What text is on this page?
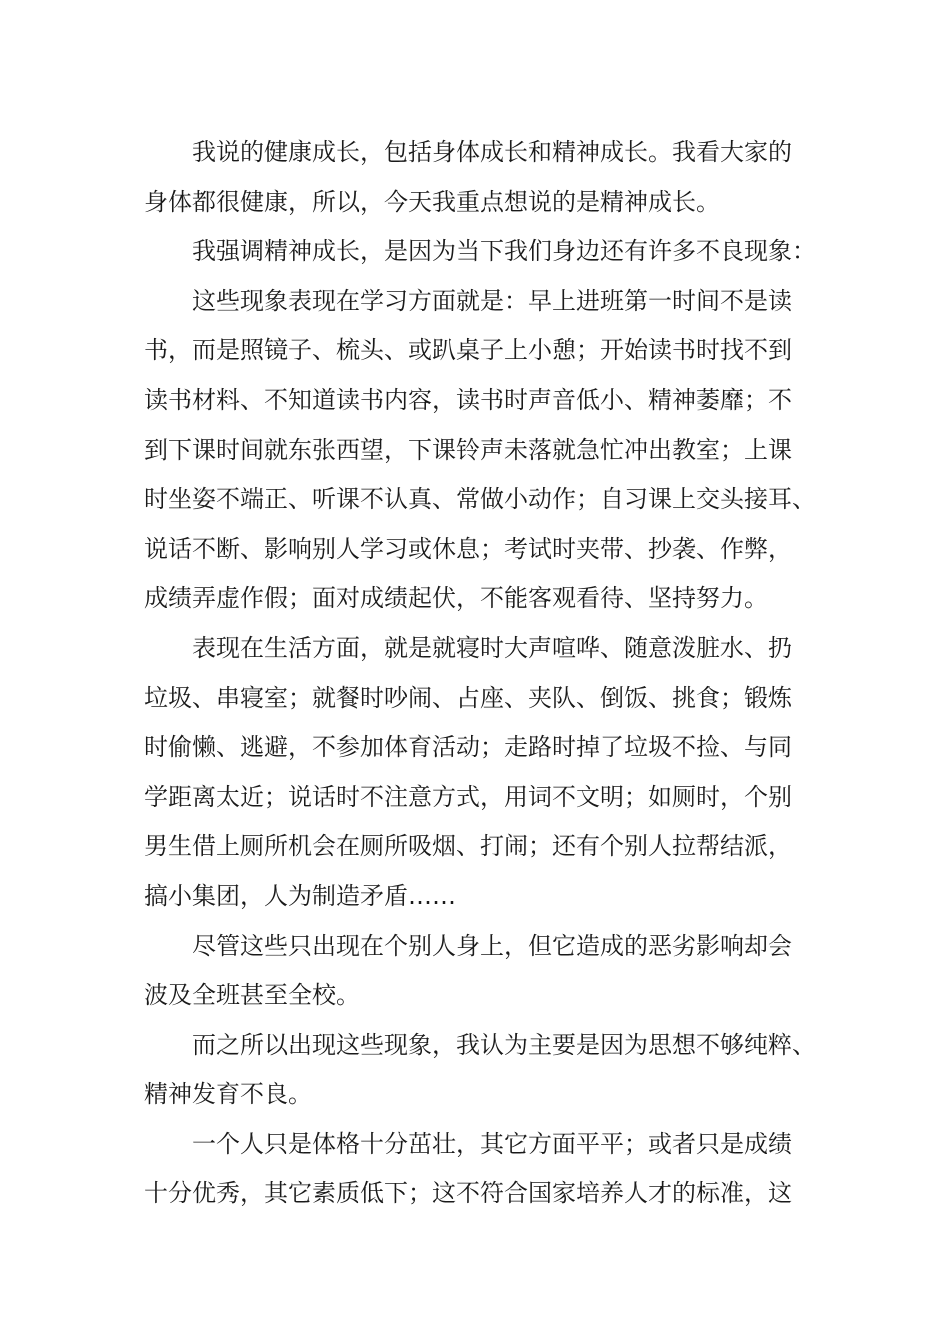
我说的健康成长，包括身体成长和精神成长。我看大家的
身体都很健康，所以，今天我重点想说的是精神成长。
我强调精神成长，是因为当下我们身边还有许多不良现象：
这些现象表现在学习方面就是：早上进班第一时间不是读
书，而是照镜子、梳头、或趴桌子上小憩；开始读书时找不到
读书材料、不知道读书内容，读书时声音低小、精神萎靡；不
到下课时间就东张西望，下课铃声未落就急忙冲出教室；上课
时坐姿不端正、听课不认真、常做小动作；自习课上交头接耳、
说话不断、影响别人学习或休息；考试时夹带、抄袭、作弊，
成绩弄虚作假；面对成绩起伏，不能客观看待、坚持努力。
表现在生活方面，就是就寝时大声喧哗、随意泼脏水、扔
垃圾、串寝室；就餐时吵闹、占座、夹队、倒饭、挑食；锻炼
时偷懒、逃避，不参加体育活动；走路时掉了垃圾不捡、与同
学距离太近；说话时不注意方式，用词不文明；如厕时，个别
男生借上厕所机会在厕所吸烟、打闹；还有个别人拉帮结派，
搞小集团，人为制造矛盾……
尽管这些只出现在个别人身上，但它造成的恶劣影响却会
波及全班甚至全校。
而之所以出现这些现象，我认为主要是因为思想不够纯粹、
精神发育不良。
一个人只是体格十分茁壮，其它方面平平；或者只是成绩
十分优秀，其它素质低下；这不符合国家培养人才的标准，这
